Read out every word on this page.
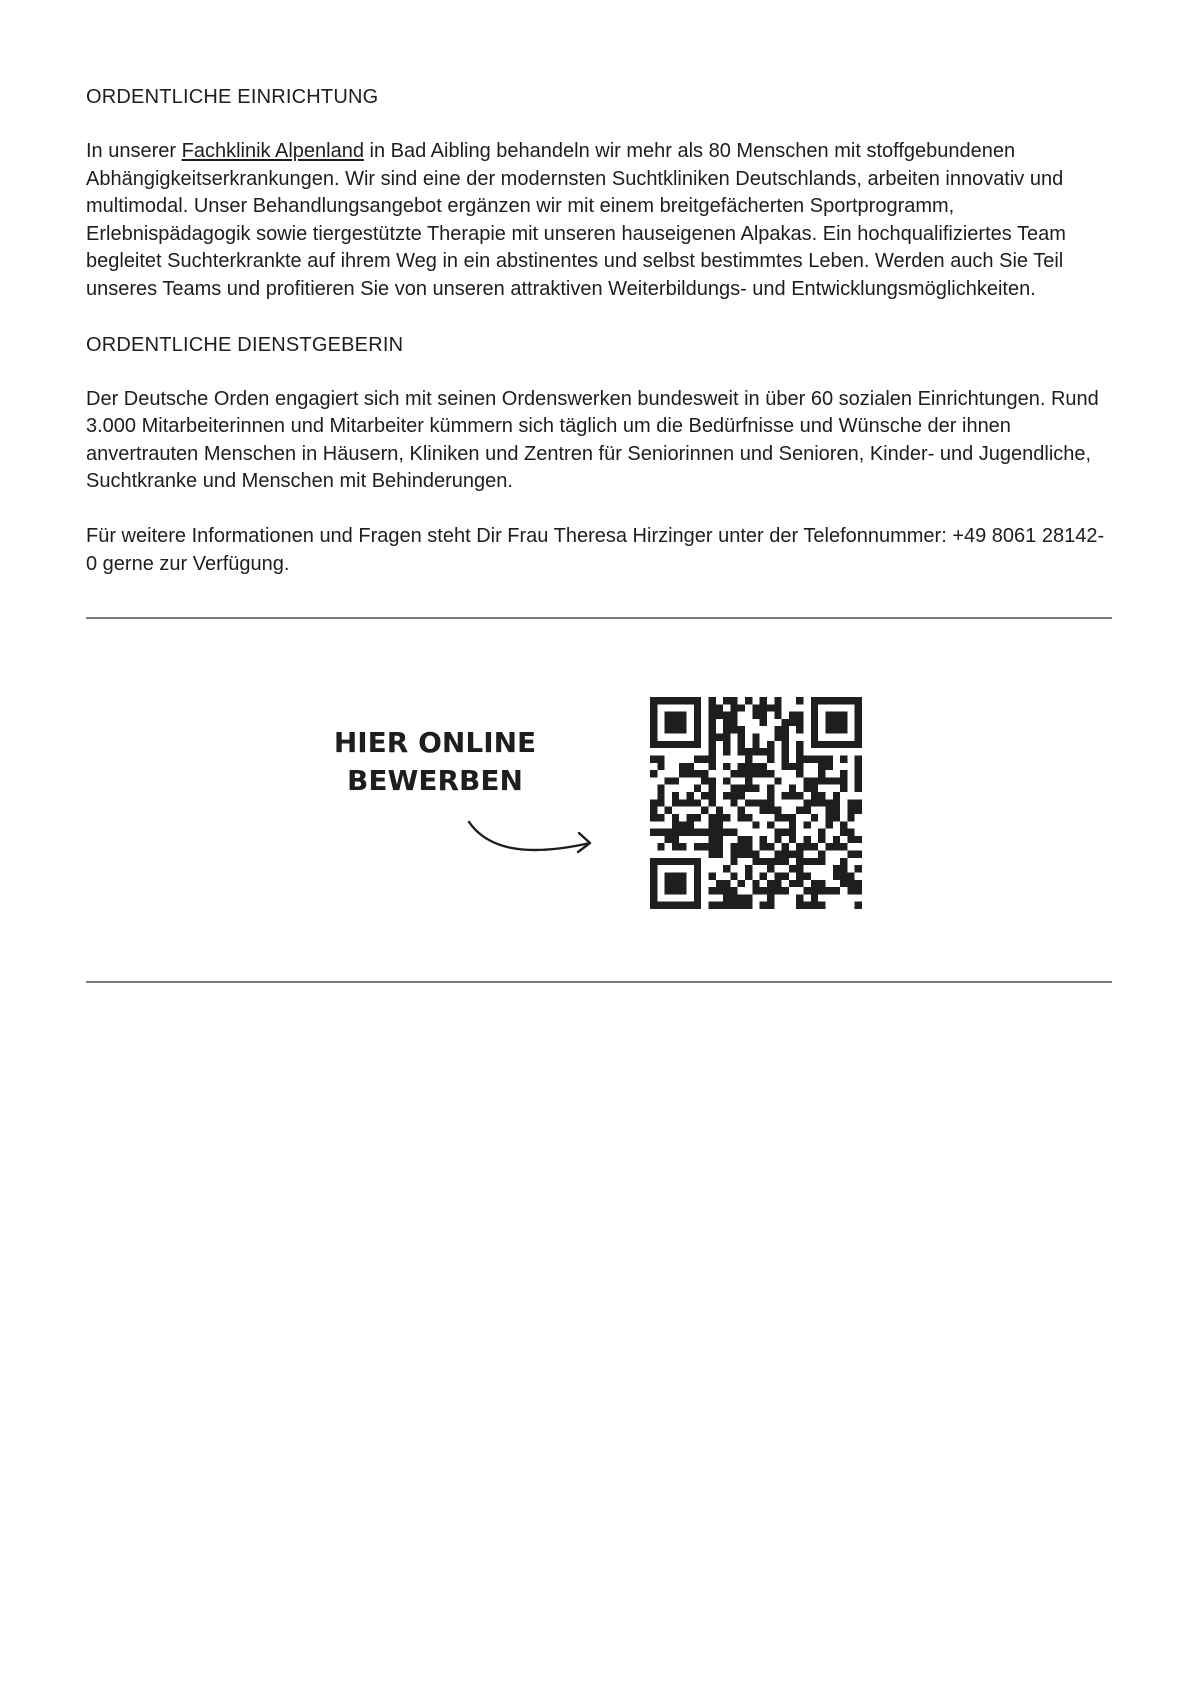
ORDENTLICHE EINRICHTUNG

In unserer Fachklinik Alpenland in Bad Aibling behandeln wir mehr als 80 Menschen mit stoffgebundenen Abhängigkeitserkrankungen. Wir sind eine der modernsten Suchtkliniken Deutschlands, arbeiten innovativ und multimodal. Unser Behandlungsangebot ergänzen wir mit einem breitgefächerten Sportprogramm, Erlebnispädagogik sowie tiergestützte Therapie mit unseren hauseigenen Alpakas. Ein hochqualifiziertes Team begleitet Suchterkrankte auf ihrem Weg in ein abstinentes und selbst bestimmtes Leben. Werden auch Sie Teil unseres Teams und profitieren Sie von unseren attraktiven Weiterbildungs- und Entwicklungsmöglichkeiten.

ORDENTLICHE DIENSTGEBERIN

Der Deutsche Orden engagiert sich mit seinen Ordenswerken bundesweit in über 60 sozialen Einrichtungen. Rund 3.000 Mitarbeiterinnen und Mitarbeiter kümmern sich täglich um die Bedürfnisse und Wünsche der ihnen anvertrauten Menschen in Häusern, Kliniken und Zentren für Seniorinnen und Senioren, Kinder- und Jugendliche, Suchtkranke und Menschen mit Behinderungen.

Für weitere Informationen und Fragen steht Dir Frau Theresa Hirzinger unter der Telefonnummer: +49 8061 28142-0 gerne zur Verfügung.

HIER ONLINE
BEWERBEN
